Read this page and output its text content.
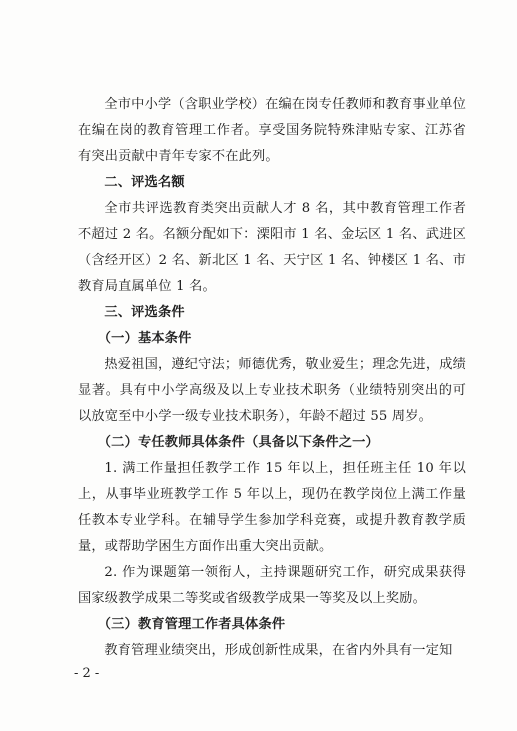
全市中小学（含职业学校）在编在岗专任教师和教育事业单位在编在岗的教育管理工作者。享受国务院特殊津贴专家、江苏省有突出贡献中青年专家不在此列。

二、评选名额

全市共评选教育类突出贡献人才 8 名，其中教育管理工作者不超过 2 名。名额分配如下：溧阳市 1 名、金坛区 1 名、武进区（含经开区）2 名、新北区 1 名、天宁区 1 名、钟楼区 1 名、市教育局直属单位 1 名。

三、评选条件

（一）基本条件

热爱祖国，遵纪守法；师德优秀，敬业爱生；理念先进，成绩显著。具有中小学高级及以上专业技术职务（业绩特别突出的可以放宽至中小学一级专业技术职务），年龄不超过 55 周岁。

（二）专任教师具体条件（具备以下条件之一）

1. 满工作量担任教学工作 15 年以上，担任班主任 10 年以上，从事毕业班教学工作 5 年以上，现仍在教学岗位上满工作量任教本专业学科。在辅导学生参加学科竞赛，或提升教育教学质量，或帮助学困生方面作出重大突出贡献。

2. 作为课题第一领衔人，主持课题研究工作，研究成果获得国家级教学成果二等奖或省级教学成果一等奖及以上奖励。

（三）教育管理工作者具体条件

教育管理业绩突出，形成创新性成果，在省内外具有一定知

- 2 -
